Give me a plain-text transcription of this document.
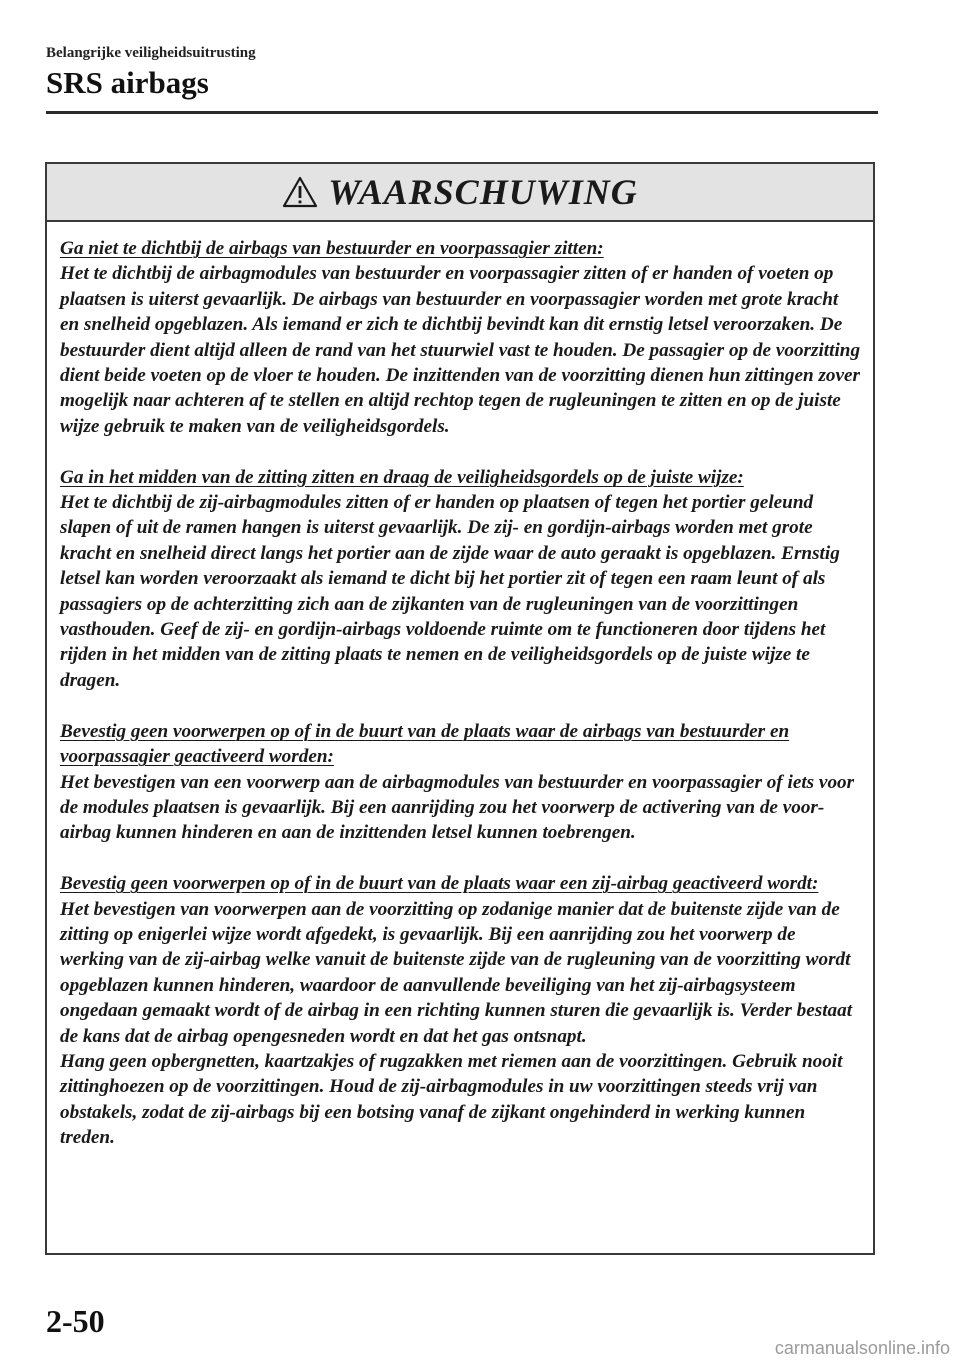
Belangrijke veiligheidsuitrusting
SRS airbags
WAARSCHUWING
Ga niet te dichtbij de airbags van bestuurder en voorpassagier zitten:

Het te dichtbij de airbagmodules van bestuurder en voorpassagier zitten of er handen of voeten op plaatsen is uiterst gevaarlijk. De airbags van bestuurder en voorpassagier worden met grote kracht en snelheid opgeblazen. Als iemand er zich te dichtbij bevindt kan dit ernstig letsel veroorzaken. De bestuurder dient altijd alleen de rand van het stuurwiel vast te houden. De passagier op de voorzitting dient beide voeten op de vloer te houden. De inzittenden van de voorzitting dienen hun zittingen zover mogelijk naar achteren af te stellen en altijd rechtop tegen de rugleuningen te zitten en op de juiste wijze gebruik te maken van de veiligheidsgordels.

Ga in het midden van de zitting zitten en draag de veiligheidsgordels op de juiste wijze:

Het te dichtbij de zij-airbagmodules zitten of er handen op plaatsen of tegen het portier geleund slapen of uit de ramen hangen is uiterst gevaarlijk. De zij- en gordijn-airbags worden met grote kracht en snelheid direct langs het portier aan de zijde waar de auto geraakt is opgeblazen. Ernstig letsel kan worden veroorzaakt als iemand te dicht bij het portier zit of tegen een raam leunt of als passagiers op de achterzitting zich aan de zijkanten van de rugleuningen van de voorzittingen vasthouden. Geef de zij- en gordijn-airbags voldoende ruimte om te functioneren door tijdens het rijden in het midden van de zitting plaats te nemen en de veiligheidsgordels op de juiste wijze te dragen.

Bevestig geen voorwerpen op of in de buurt van de plaats waar de airbags van bestuurder en voorpassagier geactiveerd worden:

Het bevestigen van een voorwerp aan de airbagmodules van bestuurder en voorpassagier of iets voor de modules plaatsen is gevaarlijk. Bij een aanrijding zou het voorwerp de activering van de voor-airbag kunnen hinderen en aan de inzittenden letsel kunnen toebrengen.

Bevestig geen voorwerpen op of in de buurt van de plaats waar een zij-airbag geactiveerd wordt:

Het bevestigen van voorwerpen aan de voorzitting op zodanige manier dat de buitenste zijde van de zitting op enigerlei wijze wordt afgedekt, is gevaarlijk. Bij een aanrijding zou het voorwerp de werking van de zij-airbag welke vanuit de buitenste zijde van de rugleuning van de voorzitting wordt opgeblazen kunnen hinderen, waardoor de aanvullende beveiliging van het zij-airbagsysteem ongedaan gemaakt wordt of de airbag in een richting kunnen sturen die gevaarlijk is. Verder bestaat de kans dat de airbag opengesneden wordt en dat het gas ontsnapt.

Hang geen opbergnetten, kaartzakjes of rugzakken met riemen aan de voorzittingen. Gebruik nooit zittinghoezen op de voorzittingen. Houd de zij-airbagmodules in uw voorzittingen steeds vrij van obstakels, zodat de zij-airbags bij een botsing vanaf de zijkant ongehinderd in werking kunnen treden.

2-50
carmanualsonline.info
